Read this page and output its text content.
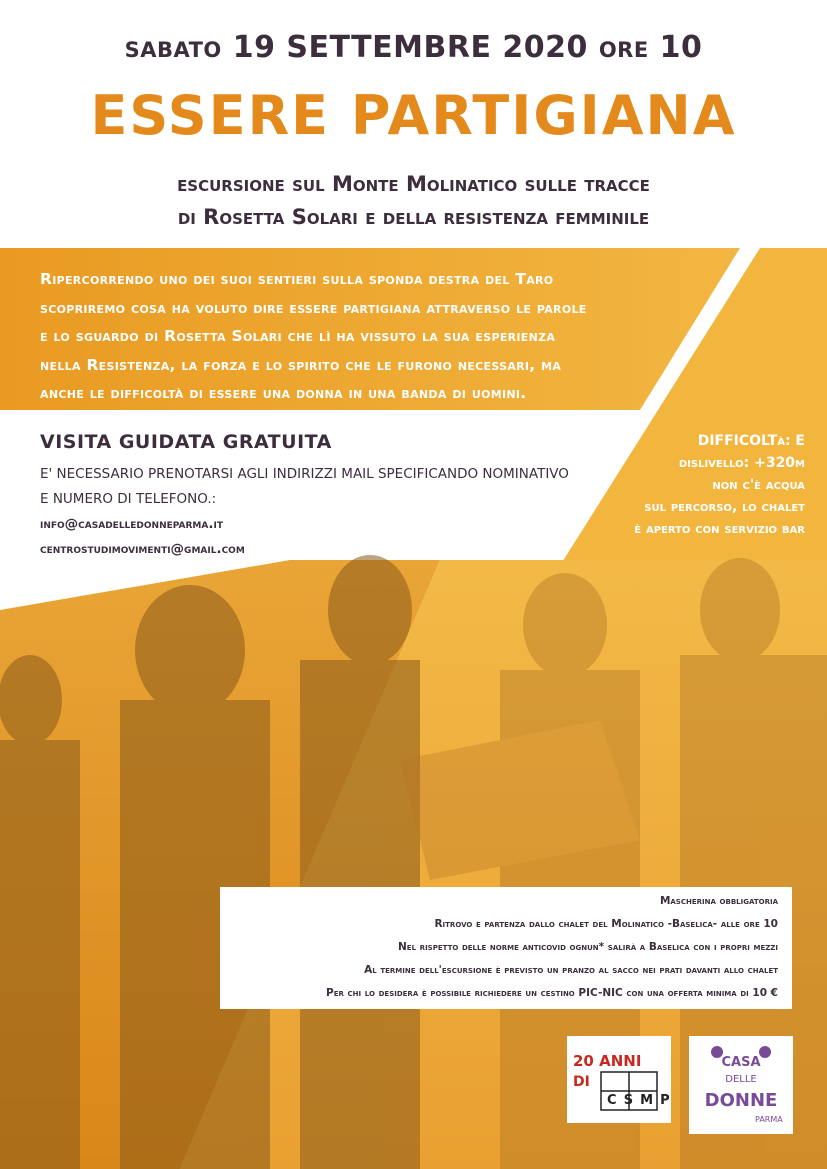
sabato 19 SETTEMBRE 2020 ore 10
ESSERE PARTIGIANA
escursione sul Monte Molinatico sulle tracce
di Rosetta Solari e della resistenza femminile
Ripercorrendo uno dei suoi sentieri sulla sponda destra del Taro
scopriremo cosa ha voluto dire essere partigiana attraverso le parole
e lo sguardo di Rosetta Solari che lì ha vissuto la sua esperienza
nella Resistenza, la forza e lo spirito che le furono necessari, ma
anche le difficoltà di essere una donna in una banda di uomini.
VISITA GUIDATA GRATUITA
E' NECESSARIO PRENOTARSI AGLI INDIRIZZI MAIL SPECIFICANDO NOMINATIVO
E NUMERO DI TELEFONO.:
info@casadelledonneparma.it
centrostudimovimenti@gmail.com
DIFFICOLTà: E
dislivello: +320m
non c'è acqua
sul percorso, lo chalet
è aperto con servizio bar
Mascherina obbligatoria
Ritrovo e partenza dallo chalet del Molinatico -Baselica- alle ore 10
Nel rispetto delle norme anticovid ognun* salirà a Baselica con i propri mezzi
Al termine dell'escursione è previsto un pranzo al sacco nei prati davanti allo chalet
Per chi lo desidera è possibile richiedere un cestino PIC-NIC con una offerta minima di 10 €
20 ANNI
DI
CSMP
CASA
DELLE
DONNE
PARMA
